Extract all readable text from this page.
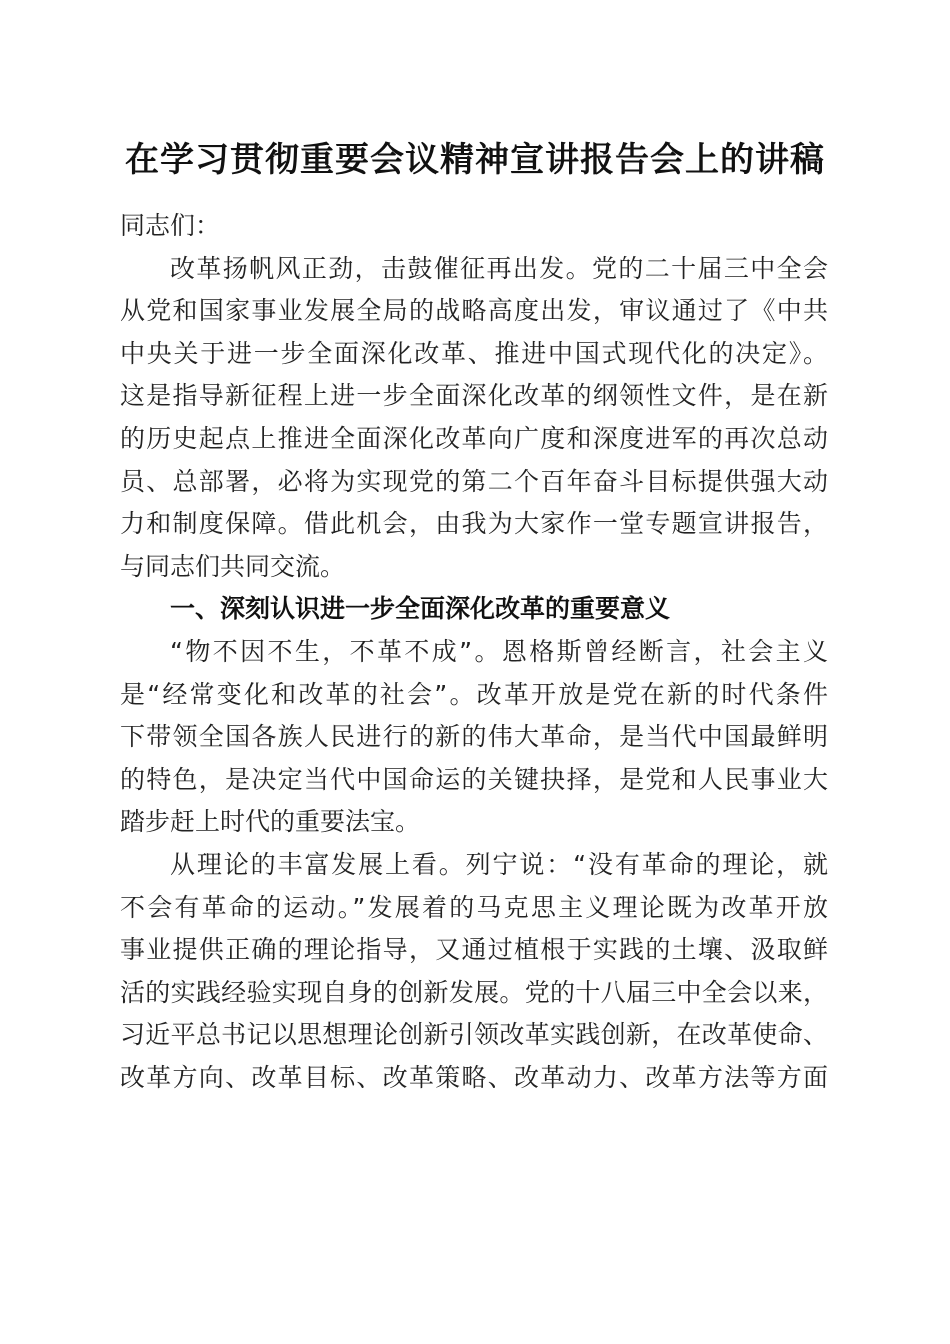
在学习贯彻重要会议精神宣讲报告会上的讲稿
同志们：
改革扬帆风正劲，击鼓催征再出发。党的二十届三中全会
从党和国家事业发展全局的战略高度出发，审议通过了《中共
中央关于进一步全面深化改革、推进中国式现代化的决定》。
这是指导新征程上进一步全面深化改革的纲领性文件，是在新
的历史起点上推进全面深化改革向广度和深度进军的再次总动
员、总部署，必将为实现党的第二个百年奋斗目标提供强大动
力和制度保障。借此机会，由我为大家作一堂专题宣讲报告，
与同志们共同交流。
一、深刻认识进一步全面深化改革的重要意义
“物不因不生，不革不成”。恩格斯曾经断言，社会主义
是“经常变化和改革的社会”。改革开放是党在新的时代条件
下带领全国各族人民进行的新的伟大革命，是当代中国最鲜明
的特色，是决定当代中国命运的关键抉择，是党和人民事业大
踏步赶上时代的重要法宝。
从理论的丰富发展上看。列宁说：“没有革命的理论，就
不会有革命的运动。”发展着的马克思主义理论既为改革开放
事业提供正确的理论指导，又通过植根于实践的土壤、汲取鲜
活的实践经验实现自身的创新发展。党的十八届三中全会以来，
习近平总书记以思想理论创新引领改革实践创新，在改革使命、
改革方向、改革目标、改革策略、改革动力、改革方法等方面
